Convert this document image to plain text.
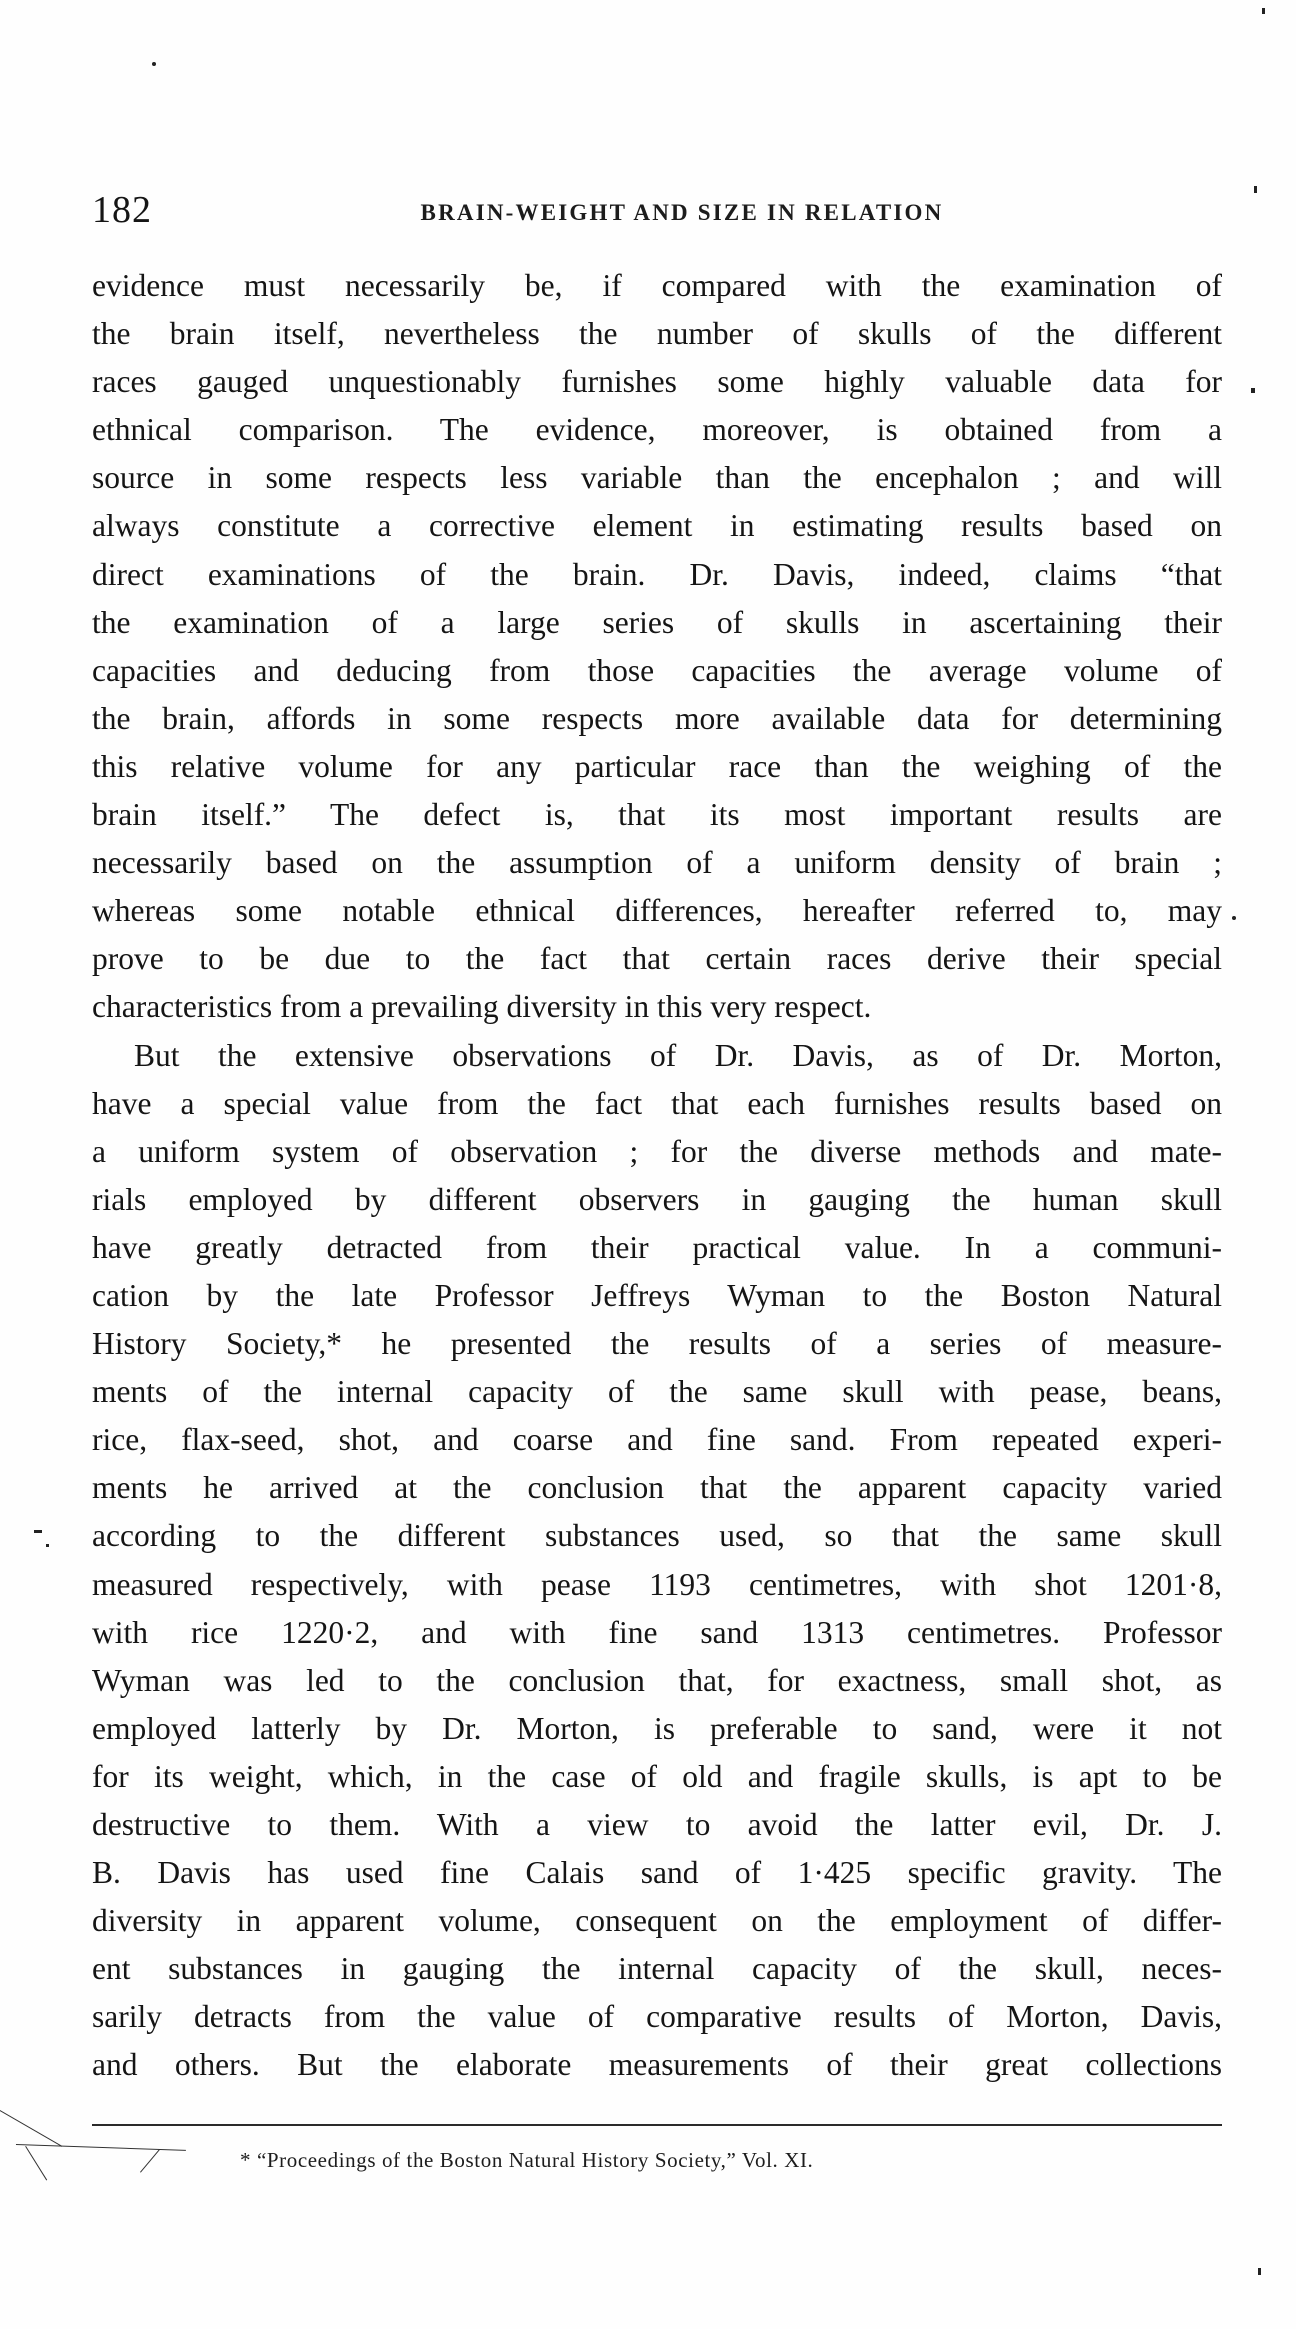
182	BRAIN-WEIGHT AND SIZE IN RELATION
evidence must necessarily be, if compared with the examination of
the brain itself, nevertheless the number of skulls of the different
races gauged unquestionably furnishes some highly valuable data for
ethnical comparison. The evidence, moreover, is obtained from a
source in some respects less variable than the encephalon ; and will
always constitute a corrective element in estimating results based on
direct examinations of the brain. Dr. Davis, indeed, claims “that
the examination of a large series of skulls in ascertaining their
capacities and deducing from those capacities the average volume of
the brain, affords in some respects more available data for determining
this relative volume for any particular race than the weighing of the
brain itself.” The defect is, that its most important results are
necessarily based on the assumption of a uniform density of brain ;
whereas some notable ethnical differences, hereafter referred to, may
prove to be due to the fact that certain races derive their special
characteristics from a prevailing diversity in this very respect.
But the extensive observations of Dr. Davis, as of Dr. Morton,
have a special value from the fact that each furnishes results based on
a uniform system of observation ; for the diverse methods and mate-
rials employed by different observers in gauging the human skull
have greatly detracted from their practical value. In a communi-
cation by the late Professor Jeffreys Wyman to the Boston Natural
History Society,* he presented the results of a series of measure-
ments of the internal capacity of the same skull with pease, beans,
rice, flax-seed, shot, and coarse and fine sand. From repeated experi-
ments he arrived at the conclusion that the apparent capacity varied
according to the different substances used, so that the same skull
measured respectively, with pease 1193 centimetres, with shot 1201·8,
with rice 1220·2, and with fine sand 1313 centimetres. Professor
Wyman was led to the conclusion that, for exactness, small shot, as
employed latterly by Dr. Morton, is preferable to sand, were it not
for its weight, which, in the case of old and fragile skulls, is apt to be
destructive to them. With a view to avoid the latter evil, Dr. J.
B. Davis has used fine Calais sand of 1·425 specific gravity. The
diversity in apparent volume, consequent on the employment of differ-
ent substances in gauging the internal capacity of the skull, neces-
sarily detracts from the value of comparative results of Morton, Davis,
and others. But the elaborate measurements of their great collections
* “Proceedings of the Boston Natural History Society,” Vol. XI.
